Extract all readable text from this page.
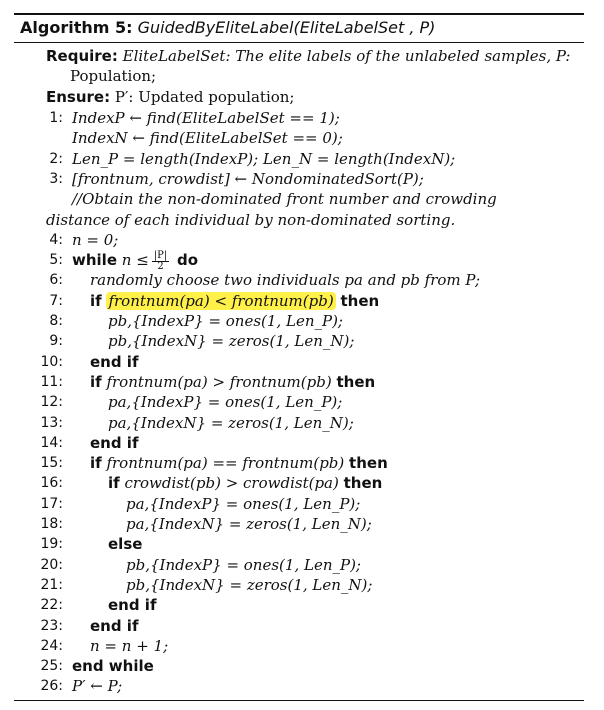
Algorithm 5: GuidedByEliteLabel(EliteLabelSet , P)
Require: EliteLabelSet: The elite labels of the unlabeled samples, P:
Population;
Ensure: P′: Updated population;
1: IndexP ← find(EliteLabelSet == 1);
IndexN ← find(EliteLabelSet == 0);
2: Len_P = length(IndexP); Len_N = length(IndexN);
3: [frontnum, crowdist] ← NondominatedSort(P);
//Obtain the non-dominated front number and crowding
distance of each individual by non-dominated sorting.
4: n = 0;
5: while $n \le \frac{|P|}{2}$ do
6: randomly choose two individuals pa and pb from P;
7: if frontnum(pa) < frontnum(pb) then
8:	pb,{IndexP} = ones(1, Len_P);
9:	pb,{IndexN} = zeros(1, Len_N);
10: end if
11: if frontnum(pa) > frontnum(pb) then
12:	pa,{IndexP} = ones(1, Len_P);
13:	pa,{IndexN} = zeros(1, Len_N);
14: end if
15: if frontnum(pa) == frontnum(pb) then
16:	if crowdist(pb) > crowdist(pa) then
17:	pa,{IndexP} = ones(1, Len_P);
18:	pa,{IndexN} = zeros(1, Len_N);
19:	else
20:	pb,{IndexP} = ones(1, Len_P);
21:	pb,{IndexN} = zeros(1, Len_N);
22:	end if
23: end if
24: n = n + 1;
25: end while
26: P′ ← P;
